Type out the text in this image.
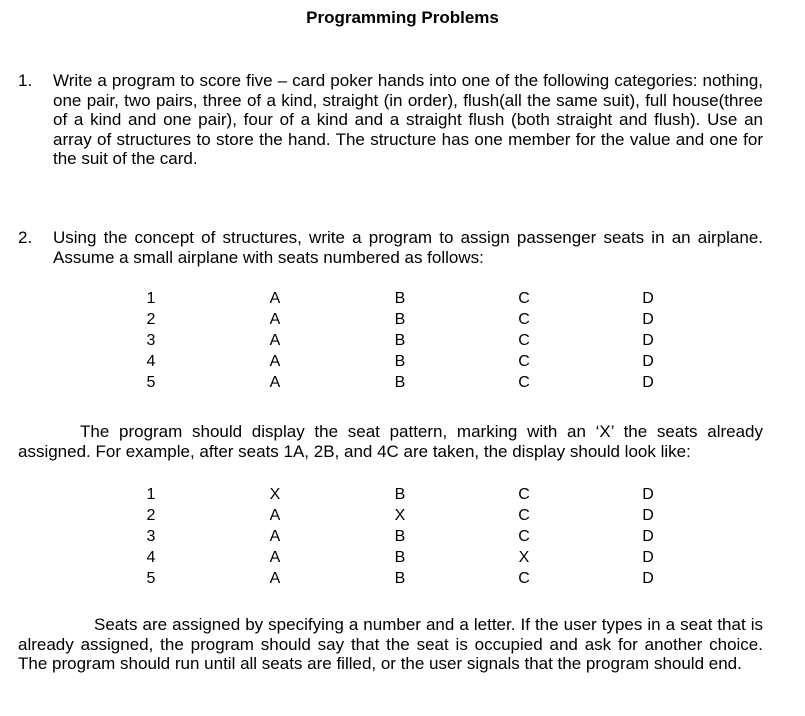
Programming Problems
1. Write a program to score five – card poker hands into one of the following categories: nothing, one pair, two pairs, three of a kind, straight (in order), flush(all the same suit), full house(three of a kind and one pair), four of a kind and a straight flush (both straight and flush). Use an array of structures to store the hand. The structure has one member for the value and one for the suit of the card.
2. Using the concept of structures, write a program to assign passenger seats in an airplane. Assume a small airplane with seats numbered as follows:
1	A	B	C	D
2	A	B	C	D
3	A	B	C	D
4	A	B	C	D
5	A	B	C	D
The program should display the seat pattern, marking with an ‘X’ the seats already assigned. For example, after seats 1A, 2B, and 4C are taken, the display should look like:
1	X	B	C	D
2	A	X	C	D
3	A	B	C	D
4	A	B	X	D
5	A	B	C	D
Seats are assigned by specifying a number and a letter. If the user types in a seat that is already assigned, the program should say that the seat is occupied and ask for another choice. The program should run until all seats are filled, or the user signals that the program should end.
